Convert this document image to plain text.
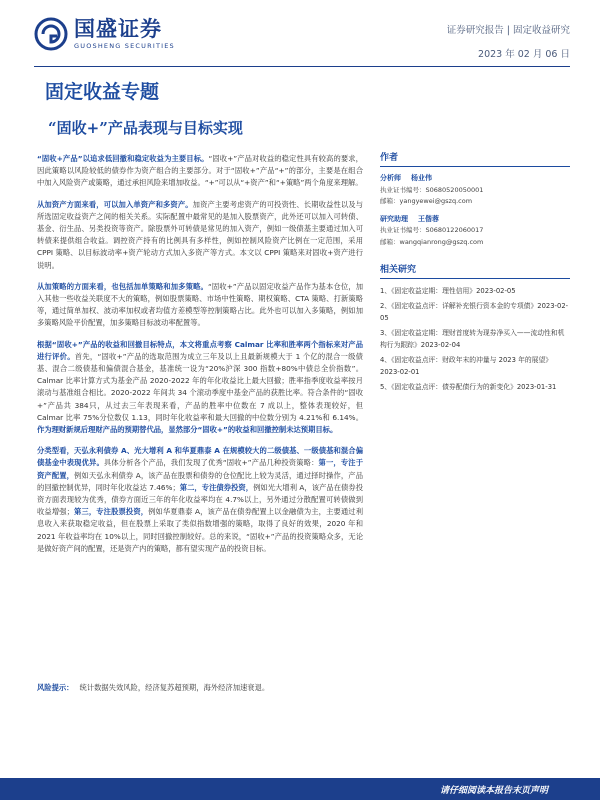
国盛证券
GUOSHENG SECURITIES
证券研究报告 | 固定收益研究
2023 年 02 月 06 日
固定收益专题
“固收+”产品表现与目标实现

“固收+产品”以追求低回撤和稳定收益为主要目标。“固收+”产品对收益的稳定性具有较高的要求，因此策略以风险较低的债券作为资产组合的主要部分。对于“固收+”产品“+”的部分，主要是在组合中加入风险资产或策略，通过承担风险来增加收益。“+”可以从“+资产”和“+策略”两个角度来理解。

从加资产方面来看，可以加入单资产和多资产。加资产主要考虑资产的可投资性、长期收益性以及与所选固定收益资产之间的相关关系。实际配置中最常见的是加入股票资产，此外还可以加入可转债、基金、衍生品、另类投资等资产。除股票外可转债是常见的加入资产，例如一级债基主要通过加入可转债来提供组合收益。调控资产持有的比例具有多样性，例如控制风险资产比例在一定范围，采用 CPPI 策略、以目标波动率+资产轮动方式加入多资产等方式。本文以 CPPI 策略来对固收+资产进行说明。

从加策略的方面来看，也包括加单策略和加多策略。“固收+”产品以固定收益产品作为基本仓位，加入其他一些收益关联度不大的策略，例如股票策略、市场中性策略、期权策略、CTA 策略、打新策略等，通过简单加权、波动率加权或者均值方差模型等控制策略占比。此外也可以加入多策略，例如加多策略风险平价配置，加多策略目标波动率配置等。

根据“固收+”产品的收益和回撤目标特点，本文将重点考察 Calmar 比率和胜率两个指标来对产品进行评价。首先，“固收+”产品的选取范围为成立三年及以上且最新规模大于 1 个亿的混合一级债基、混合二级债基和偏债混合基金，基准统一设为“20%沪深 300 指数+80%中债总全价指数”。Calmar 比率计算方式为基金产品 2020-2022 年的年化收益比上最大回撤；胜率指季度收益率按月滚动与基准组合相比。2020-2022 年间共 34 个滚动季度中基金产品的获胜比率。符合条件的“固收+”产品共 384只，从过去三年表现来看，产品的胜率中位数在 7 成以上，整体表现较好，但 Calmar 比率 75%分位数仅 1.13，同时年化收益率和最大回撤的中位数分别为 4.21%和 6.14%。作为理财新规后理财产品的预期替代品，显然部分“固收+”的收益和回撤控制未达预期目标。

分类型看，天弘永利债券 A、光大增利 A 和华夏鼎泰 A 在规模较大的二级债基、一级债基和混合偏债基金中表现优异。具体分析各个产品，我们发现了优秀“固收+”产品几种投资策略：第一，专注于资产配置，例如天弘永利债券 A，该产品在股票和债券的仓位配比上较为灵活，通过择时操作，产品的回撤控制优异，同时年化收益达 7.46%；第二，专注债券投资，例如光大增利 A，该产品在债券投资方面表现较为优秀，债券方面近三年的年化收益率均在 4.7%以上，另外通过分散配置可转债做到收益增强；第三，专注股票投资，例如华夏鼎泰 A，该产品在债券配置上以金融债为主，主要通过利息收入来获取稳定收益，但在股票上采取了类似指数增强的策略，取得了良好的效果，2020 年和 2021 年收益率均在 10%以上，同时回撤控制较好。总的来说，“固收+”产品的投资策略众多，无论是做好资产间的配置，还是资产内的策略，都有望实现产品的投资目标。

风险提示： 统计数据失效风险，经济复苏超预期，海外经济加速衰退。
作者
分析师 杨业伟
执业证书编号：S0680520050001
邮箱：yangyewei@gszq.com
研究助理 王偕蓉
执业证书编号：S0680122060017
邮箱：wangqianrong@gszq.com
相关研究
1、《固定收益定期：理性信用》2023-02-05
2、《固定收益点评：详解补充银行资本金的专项债》2023-02-05
3、《固定收益定期：理财首度转为现券净买入——流动性和机构行为跟踪》2023-02-04
4、《固定收益点评：财政年末的冲量与 2023 年的展望》2023-02-01
5、《固定收益点评：债券配债行为的新变化》2023-01-31
请仔细阅读本报告末页声明
